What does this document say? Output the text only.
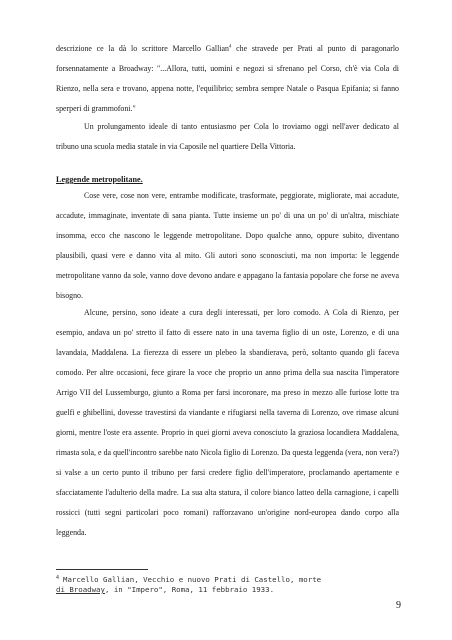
descrizione ce la dà lo scrittore Marcello Gallian$^4$ che stravede per Prati al punto di paragonarlo forsennatamente a Broadway: "...Allora, tutti, uomini e negozi si sfrenano pel Corso, ch'è via Cola di Rienzo, nella sera e trovano, appena notte, l'equilibrio; sembra sempre Natale o Pasqua Epifania; si fanno sperperi di grammofoni."

Un prolungamento ideale di tanto entusiasmo per Cola lo troviamo oggi nell'aver dedicato al tribuno una scuola media statale in via Caposile nel quartiere Della Vittoria.

Leggende metropolitane.

Cose vere, cose non vere, entrambe modificate, trasformate, peggiorate, migliorate, mai accadute, accadute, immaginate, inventate di sana pianta. Tutte insieme un po' di una un po' di un'altra, mischiate insomma, ecco che nascono le leggende metropolitane. Dopo qualche anno, oppure subito, diventano plausibili, quasi vere e danno vita al mito. Gli autori sono sconosciuti, ma non importa: le leggende metropolitane vanno da sole, vanno dove devono andare e appagano la fantasia popolare che forse ne aveva bisogno.

Alcune, persino, sono ideate a cura degli interessati, per loro comodo. A Cola di Rienzo, per esempio, andava un po' stretto il fatto di essere nato in una taverna figlio di un oste, Lorenzo, e di una lavandaia, Maddalena. La fierezza di essere un plebeo la sbandierava, però, soltanto quando gli faceva comodo. Per altre occasioni, fece girare la voce che proprio un anno prima della sua nascita l'imperatore Arrigo VII del Lussemburgo, giunto a Roma per farsi incoronare, ma preso in mezzo alle furiose lotte tra guelfi e ghibellini, dovesse travestirsi da viandante e rifugiarsi nella taverna di Lorenzo, ove rimase alcuni giorni, mentre l'oste era assente. Proprio in quei giorni aveva conosciuto la graziosa locandiera Maddalena, rimasta sola, e da quell'incontro sarebbe nato Nicola figlio di Lorenzo. Da questa leggenda (vera, non vera?) si valse a un certo punto il tribuno per farsi credere figlio dell'imperatore, proclamando apertamente e sfacciatamente l'adulterio della madre. La sua alta statura, il colore bianco latteo della carnagione, i capelli rossicci (tutti segni particolari poco romani) rafforzavano un'origine nord-europea dando corpo alla leggenda.

$^4$ Marcello Gallian, Vecchio e nuovo Prati di Castello, morte
di Broadway, in "Impero", Roma, 11 febbraio 1933.

9
